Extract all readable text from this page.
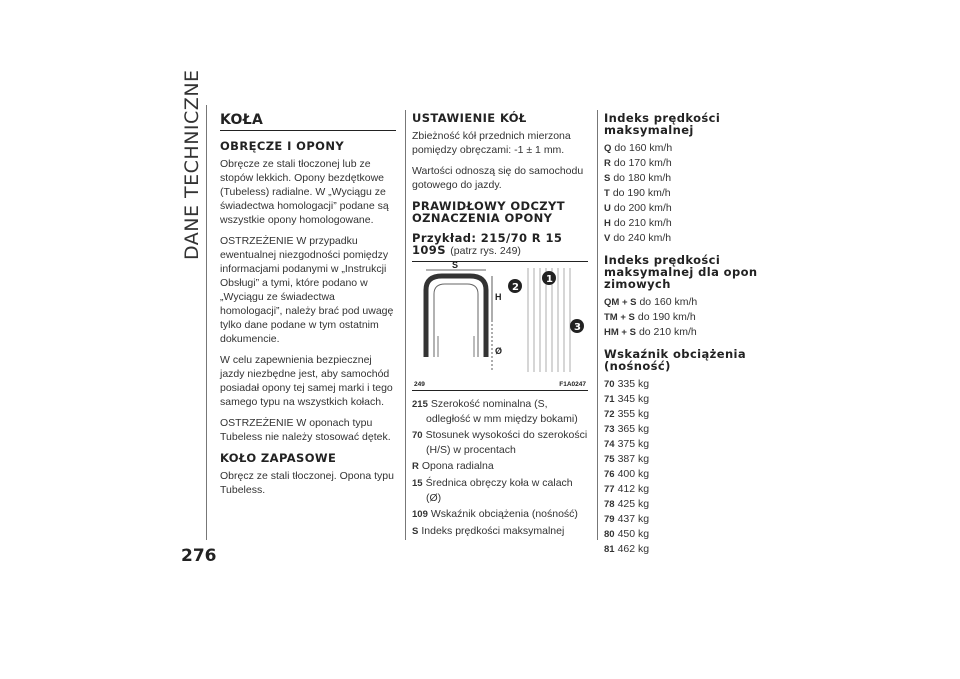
DANE TECHNICZNE
276
KOŁA
OBRĘCZE I OPONY

Obręcze ze stali tłoczonej lub ze stopów lekkich. Opony bezdętkowe (Tubeless) radialne. W „Wyciągu ze świadectwa homologacji” podane są wszystkie opony homologowane.

OSTRZEŻENIE W przypadku ewentualnej niezgodności pomiędzy informacjami podanymi w „Instrukcji Obsługi” a tymi, które podano w „Wyciągu ze świadectwa homologacji”, należy brać pod uwagę tylko dane podane w tym ostatnim dokumencie.

W celu zapewnienia bezpiecznej jazdy niezbędne jest, aby samochód posiadał opony tej samej marki i tego samego typu na wszystkich kołach.

OSTRZEŻENIE W oponach typu Tubeless nie należy stosować dętek.

KOŁO ZAPASOWE

Obręcz ze stali tłoczonej. Opona typu Tubeless.

USTAWIENIE KÓŁ

Zbieżność kół przednich mierzona pomiędzy obręczami: -1 ± 1 mm.

Wartości odnoszą się do samochodu gotowego do jazdy.

PRAWIDŁOWY ODCZYT OZNACZENIA OPONY
Przykład: 215/70 R 15 109S (patrz rys. 249)
S
H
Ø
2
1
3
249	F1A0247
215 Szerokość nominalna (S, odległość w mm między bokami)
70 Stosunek wysokości do szerokości (H/S) w procentach
R Opona radialna
15 Średnica obręczy koła w calach (Ø)
109 Wskaźnik obciążenia (nośność)
S Indeks prędkości maksymalnej
Indeks prędkości maksymalnej
Q do 160 km/h
R do 170 km/h
S do 180 km/h
T do 190 km/h
U do 200 km/h
H do 210 km/h
V do 240 km/h
Indeks prędkości maksymalnej dla opon zimowych
QM + S do 160 km/h
TM + S do 190 km/h
HM + S do 210 km/h
Wskaźnik obciążenia (nośność)
70 335 kg
71 345 kg
72 355 kg
73 365 kg
74 375 kg
75 387 kg
76 400 kg
77 412 kg
78 425 kg
79 437 kg
80 450 kg
81 462 kg
